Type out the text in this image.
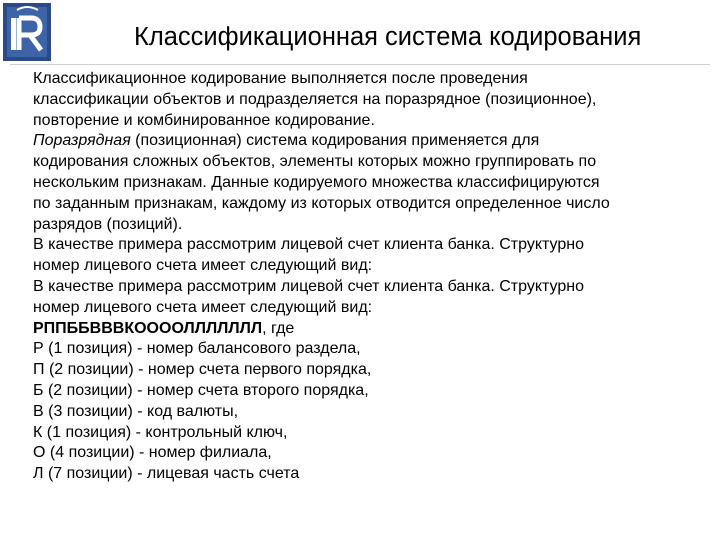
Классификационная система кодирования
Классификационное кодирование выполняется после проведения
классификации объектов и подразделяется на поразрядное (позиционное),
повторение и комбинированное кодирование.
Поразрядная (позиционная) система кодирования применяется для
кодирования сложных объектов, элементы которых можно группировать по
нескольким признакам. Данные кодируемого множества классифицируются
по заданным признакам, каждому из которых отводится определенное число
разрядов (позиций).
В качестве примера рассмотрим лицевой счет клиента банка. Структурно
номер лицевого счета имеет следующий вид:
В качестве примера рассмотрим лицевой счет клиента банка. Структурно
номер лицевого счета имеет следующий вид:
РППББВВВКООООЛЛЛЛЛЛЛ, где
Р (1 позиция) - номер балансового раздела,
П (2 позиции) - номер счета первого порядка,
Б (2 позиции) - номер счета второго порядка,
В (3 позиции) - код валюты,
К (1 позиция) - контрольный ключ,
О (4 позиции) - номер филиала,
Л (7 позиции) - лицевая часть счета
